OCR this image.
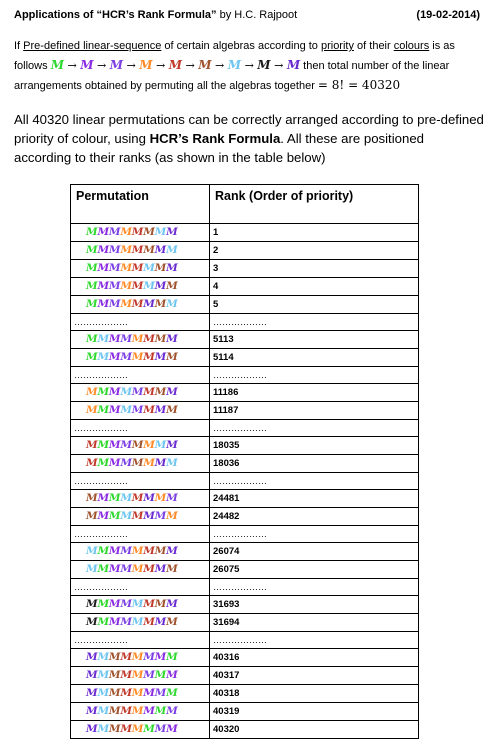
Applications of “HCR’s Rank Formula” by H.C. Rajpoot	(19-02-2014)
If Pre-defined linear-sequence of certain algebras according to priority of their colours is as follows M → M → M → M → M → M → M → M → M then total number of the linear arrangements obtained by permuting all the algebras together = 8! = 40320
All 40320 linear permutations can be correctly arranged according to pre-defined priority of colour, using HCR’s Rank Formula. All these are positioned according to their ranks (as shown in the table below)
Permutation	Rank (Order of priority)
MMMMMMMM	1
MMMMMMMM	2
MMMMMMMM	3
MMMMMMMM	4
MMMMMMMM	5
………………	………………
MMMMMMMM	5113
MMMMMMMM	5114
………………	………………
MMMMMMMM	11186
MMMMMMMM	11187
………………	………………
MMMMMMMM	18035
MMMMMMMM	18036
………………	………………
MMMMMMMM	24481
MMMMMMMM	24482
………………	………………
MMMMMMMM	26074
MMMMMMMM	26075
………………	………………
MMMMMMMM	31693
MMMMMMMM	31694
………………	………………
MMMMMMMM	40316
MMMMMMMM	40317
MMMMMMMM	40318
MMMMMMMM	40319
MMMMMMMM	40320
